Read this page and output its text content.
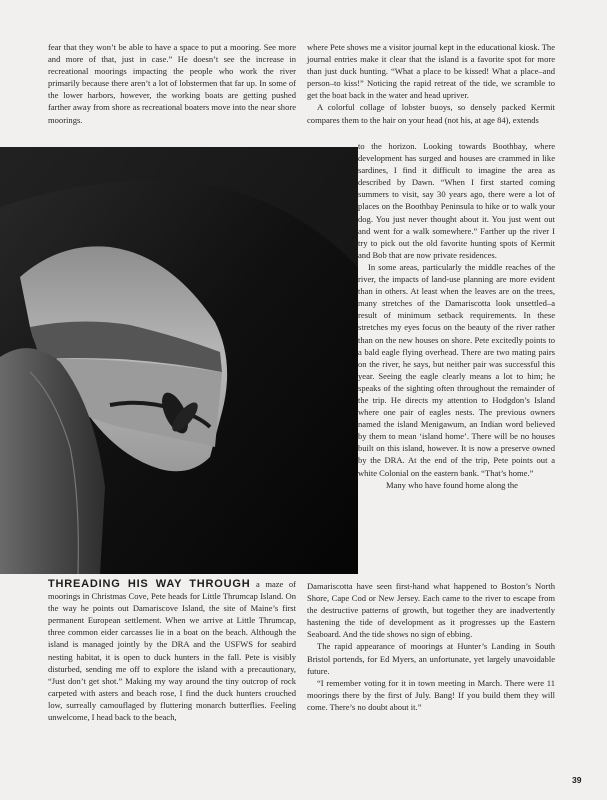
fear that they won’t be able to have a space to put a mooring. See more and more of that, just in case.” He doesn’t see the increase in recreational moorings impacting the people who work the river primarily because there aren’t a lot of lobstermen that far up. In some of the lower harbors, however, the working boats are getting pushed farther away from shore as recreational boaters move into the near shore moorings.

where Pete shows me a visitor journal kept in the educational kiosk. The journal entries make it clear that the island is a favorite spot for more than just duck hunting. “What a place to be kissed! What a place–and person–to kiss!” Noticing the rapid retreat of the tide, we scramble to get the boat back in the water and head upriver.
A colorful collage of lobster buoys, so densely packed Kermit compares them to the hair on your head (not his, at age 84), extends

to the horizon. Looking towards Boothbay, where development has surged and houses are crammed in like sardines, I find it difficult to imagine the area as described by Dawn. “When I first started coming summers to visit, say 30 years ago, there were a lot of places on the Boothbay Peninsula to hike or to walk your dog. You just never thought about it. You just went out and went for a walk somewhere.” Farther up the river I try to pick out the old favorite hunting spots of Kermit and Bob that are now private residences.
In some areas, particularly the middle reaches of the river, the impacts of land-use planning are more evident than in others. At least when the leaves are on the trees, many stretches of the Damariscotta look unsettled–a result of minimum setback requirements. In these stretches my eyes focus on the beauty of the river rather than on the new houses on shore. Pete excitedly points to a bald eagle flying overhead. There are two mating pairs on the river, he says, but neither pair was successful this year. Seeing the eagle clearly means a lot to him; he speaks of the sighting often throughout the remainder of the trip. He directs my attention to Hodgdon’s Island where one pair of eagles nests. The previous owners named the island Menigawum, an Indian word believed by them to mean ‘island home’. There will be no houses built on this island, however. It is now a preserve owned by the DRA. At the end of the trip, Pete points out a white Colonial on the eastern bank. “That’s home.”
Many who have found home along the

Damariscotta have seen first-hand what happened to Boston’s North Shore, Cape Cod or New Jersey. Each came to the river to escape from the destructive patterns of growth, but together they are inadvertently hastening the tide of development as it progresses up the Eastern Seaboard. And the tide shows no sign of ebbing.
The rapid appearance of moorings at Hunter’s Landing in South Bristol portends, for Ed Myers, an unfortunate, yet largely unavoidable future.
“I remember voting for it in town meeting in March. There were 11 moorings there by the first of July. Bang! If you build them they will come. There’s no doubt about it.”

THREADING HIS WAY THROUGH a maze of moorings in Christmas Cove, Pete heads for Little Thrumcap Island. On the way he points out Damariscove Island, the site of Maine’s first permanent European settlement. When we arrive at Little Thrumcap, three common eider carcasses lie in a boat on the beach. Although the island is managed jointly by the DRA and the USFWS for seabird nesting habitat, it is open to duck hunters in the fall. Pete is visibly disturbed, sending me off to explore the island with a precautionary, “Just don’t get shot.” Making my way around the tiny outcrop of rock carpeted with asters and beach rose, I find the duck hunters crouched low, surreally camouflaged by fluttering monarch butterflies. Feeling unwelcome, I head back to the beach,

39
